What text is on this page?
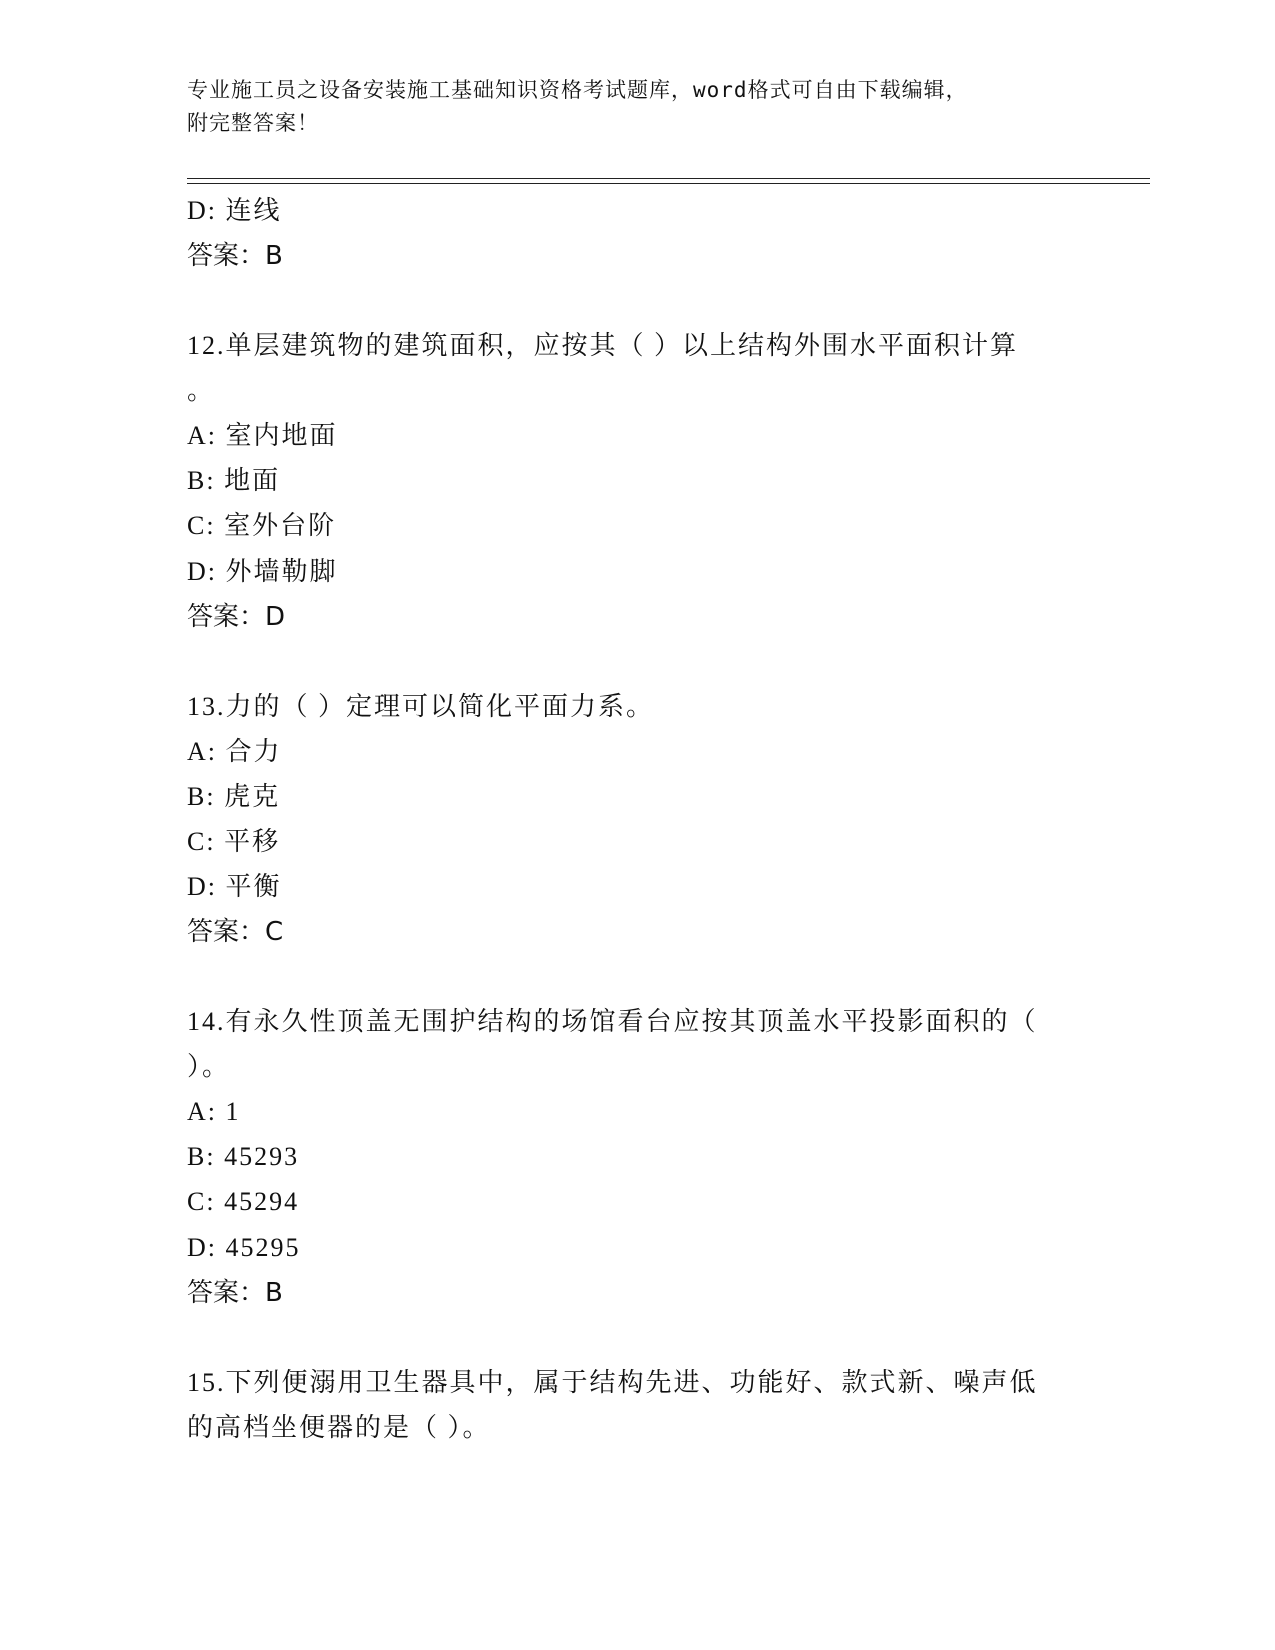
专业施工员之设备安装施工基础知识资格考试题库，word格式可自由下载编辑，
附完整答案！
D: 连线
答案：B
12.单层建筑物的建筑面积，应按其（ ）以上结构外围水平面积计算
。
A: 室内地面
B: 地面
C: 室外台阶
D: 外墙勒脚
答案：D
13.力的（ ）定理可以简化平面力系。
A: 合力
B: 虎克
C: 平移
D: 平衡
答案：C
14.有永久性顶盖无围护结构的场馆看台应按其顶盖水平投影面积的（
）。
A: 1
B: 45293
C: 45294
D: 45295
答案：B
15.下列便溺用卫生器具中，属于结构先进、功能好、款式新、噪声低
的高档坐便器的是（ ）。
